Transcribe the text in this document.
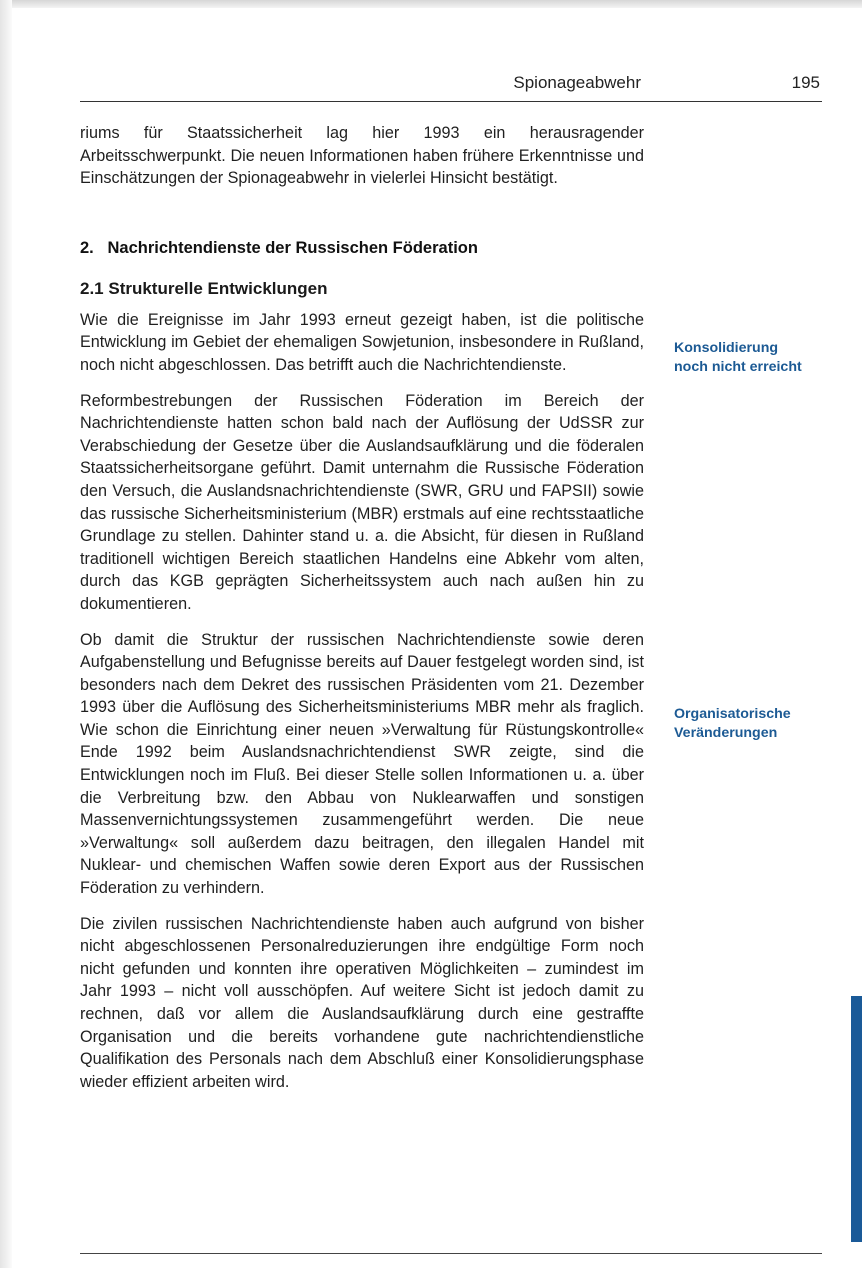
Spionageabwehr	195

riums für Staatssicherheit lag hier 1993 ein herausragender Arbeitsschwerpunkt. Die neuen Informationen haben frühere Erkenntnisse und Einschätzungen der Spionageabwehr in vielerlei Hinsicht bestätigt.

2.   Nachrichtendienste der Russischen Föderation
2.1 Strukturelle Entwicklungen

Wie die Ereignisse im Jahr 1993 erneut gezeigt haben, ist die politische Entwicklung im Gebiet der ehemaligen Sowjetunion, insbesondere in Rußland, noch nicht abgeschlossen. Das betrifft auch die Nachrichtendienste.

Reformbestrebungen der Russischen Föderation im Bereich der Nachrichtendienste hatten schon bald nach der Auflösung der UdSSR zur Verabschiedung der Gesetze über die Auslandsaufklärung und die föderalen Staatssicherheitsorgane geführt. Damit unternahm die Russische Föderation den Versuch, die Auslandsnachrichtendienste (SWR, GRU und FAPSII) sowie das russische Sicherheitsministerium (MBR) erstmals auf eine rechtsstaatliche Grundlage zu stellen. Dahinter stand u. a. die Absicht, für diesen in Rußland traditionell wichtigen Bereich staatlichen Handelns eine Abkehr vom alten, durch das KGB geprägten Sicherheitssystem auch nach außen hin zu dokumentieren.

Ob damit die Struktur der russischen Nachrichtendienste sowie deren Aufgabenstellung und Befugnisse bereits auf Dauer festgelegt worden sind, ist besonders nach dem Dekret des russischen Präsidenten vom 21. Dezember 1993 über die Auflösung des Sicherheitsministeriums MBR mehr als fraglich. Wie schon die Einrichtung einer neuen »Verwaltung für Rüstungskontrolle« Ende 1992 beim Auslandsnachrichtendienst SWR zeigte, sind die Entwicklungen noch im Fluß. Bei dieser Stelle sollen Informationen u. a. über die Verbreitung bzw. den Abbau von Nuklearwaffen und sonstigen Massenvernichtungssystemen zusammengeführt werden. Die neue »Verwaltung« soll außerdem dazu beitragen, den illegalen Handel mit Nuklear- und chemischen Waffen sowie deren Export aus der Russischen Föderation zu verhindern.

Die zivilen russischen Nachrichtendienste haben auch aufgrund von bisher nicht abgeschlossenen Personalreduzierungen ihre endgültige Form noch nicht gefunden und konnten ihre operativen Möglichkeiten – zumindest im Jahr 1993 – nicht voll ausschöpfen. Auf weitere Sicht ist jedoch damit zu rechnen, daß vor allem die Auslandsaufklärung durch eine gestraffte Organisation und die bereits vorhandene gute nachrichtendienstliche Qualifikation des Personals nach dem Abschluß einer Konsolidierungsphase wieder effizient arbeiten wird.

Konsolidierung
noch nicht erreicht
Organisatorische
Veränderungen
